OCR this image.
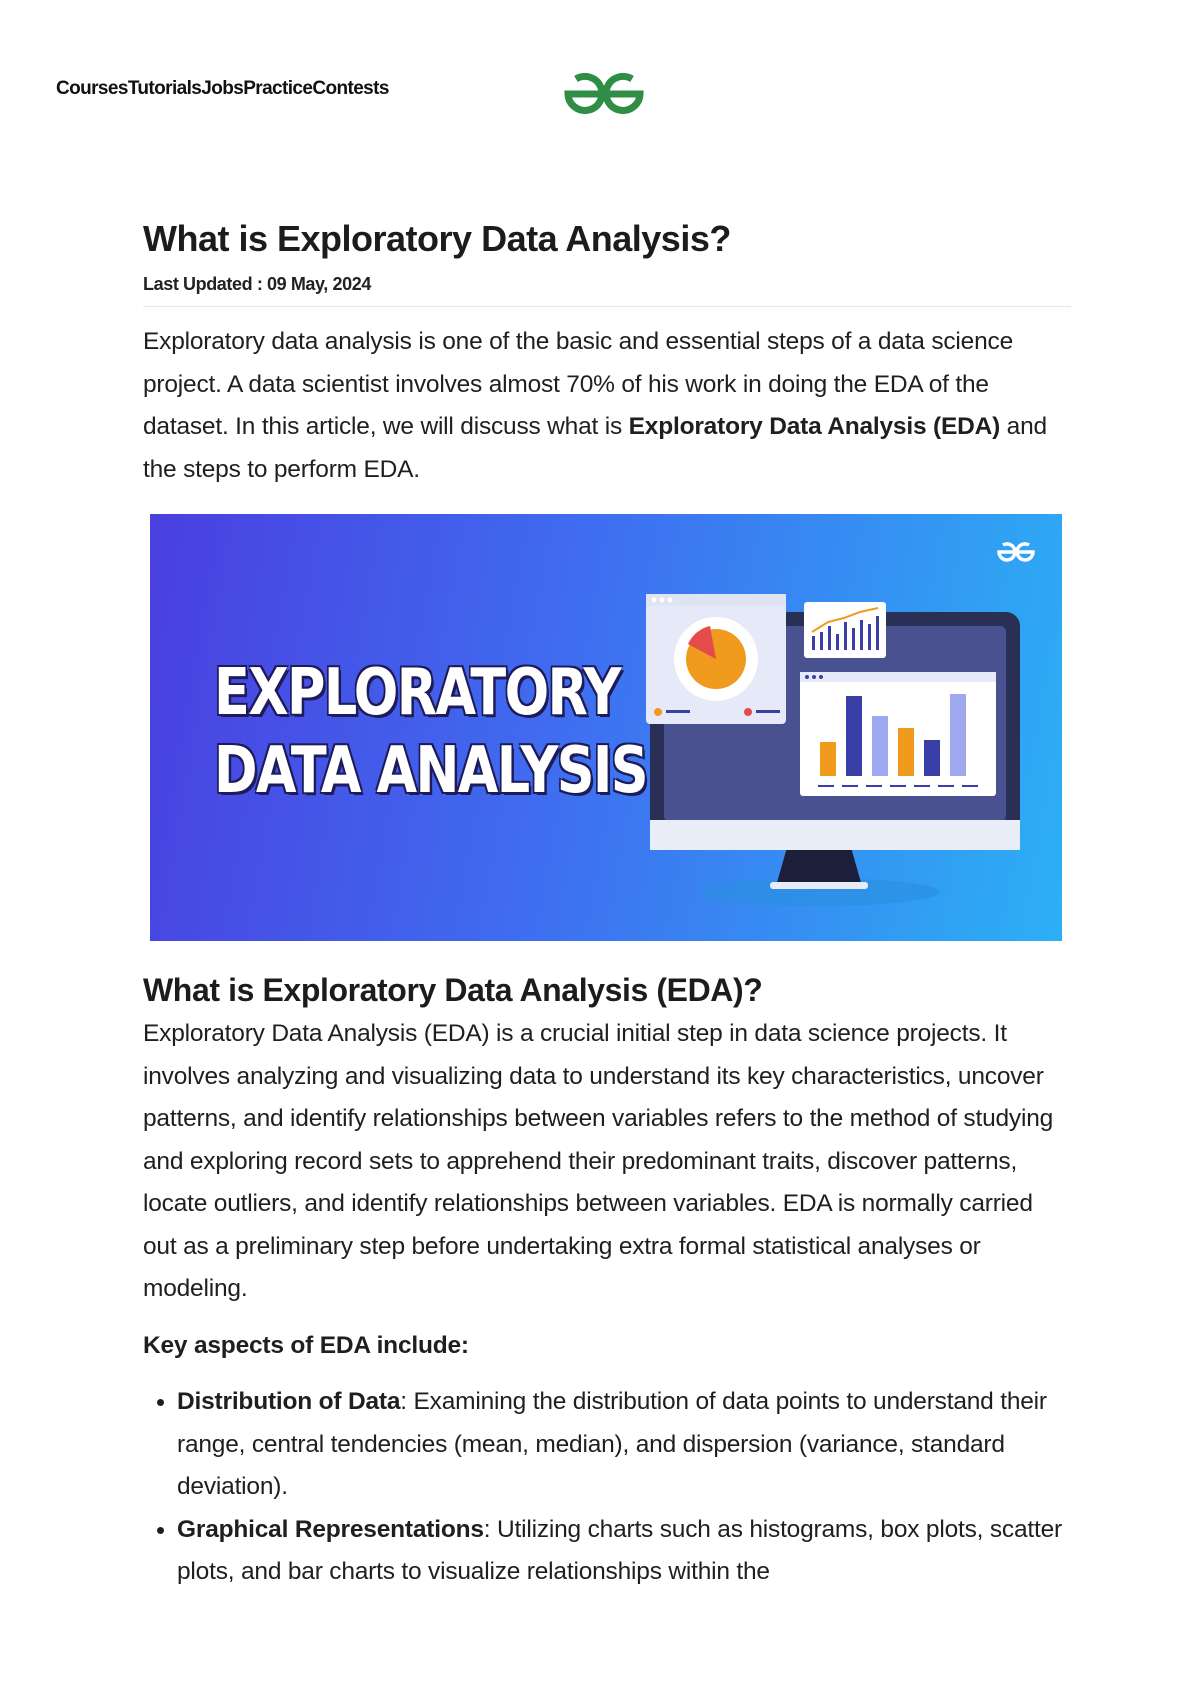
Courses Tutorials Jobs Practice Contests
What is Exploratory Data Analysis?
Last Updated : 09 May, 2024

Exploratory data analysis is one of the basic and essential steps of a data science project. A data scientist involves almost 70% of his work in doing the EDA of the dataset. In this article, we will discuss what is Exploratory Data Analysis (EDA) and the steps to perform EDA.

EXPLORATORY
DATA ANALYSIS
What is Exploratory Data Analysis (EDA)?

Exploratory Data Analysis (EDA) is a crucial initial step in data science projects. It involves analyzing and visualizing data to understand its key characteristics, uncover patterns, and identify relationships between variables refers to the method of studying and exploring record sets to apprehend their predominant traits, discover patterns, locate outliers, and identify relationships between variables. EDA is normally carried out as a preliminary step before undertaking extra formal statistical analyses or modeling.

Key aspects of EDA include:

• Distribution of Data: Examining the distribution of data points to understand their range, central tendencies (mean, median), and dispersion (variance, standard deviation).
• Graphical Representations: Utilizing charts such as histograms, box plots, scatter plots, and bar charts to visualize relationships within the
